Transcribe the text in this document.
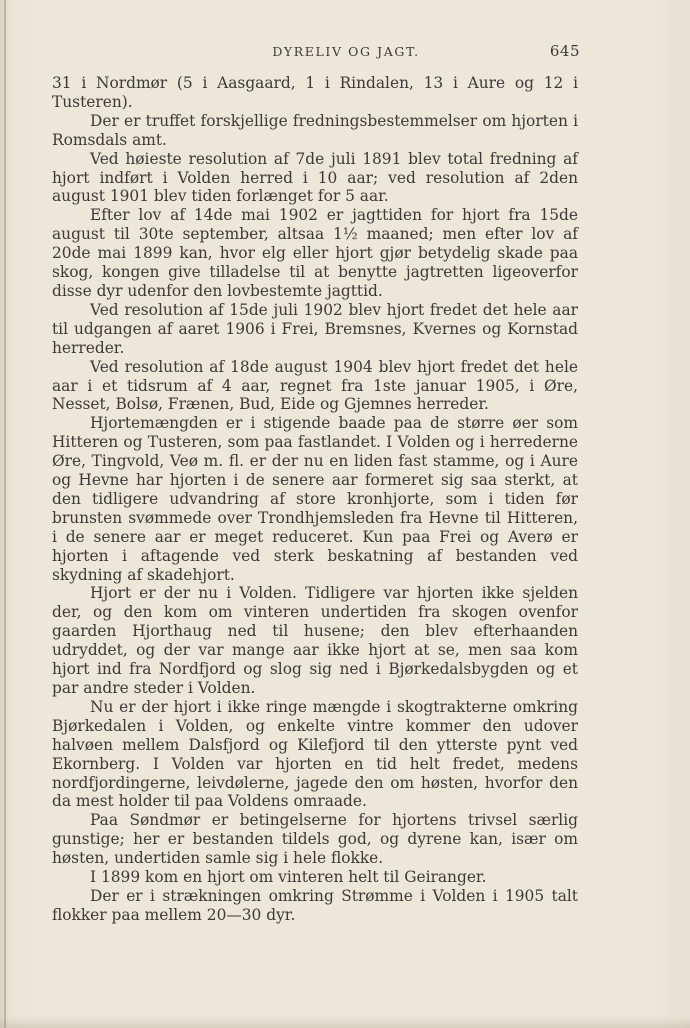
DYRELIV OG JAGT.	645

31 i Nordmør (5 i Aasgaard, 1 i Rindalen, 13 i Aure og 12 i Tusteren).

Der er truffet forskjellige fredningsbestemmelser om hjorten i Romsdals amt.

Ved høieste resolution af 7de juli 1891 blev total fredning af hjort indført i Volden herred i 10 aar; ved resolution af 2den august 1901 blev tiden forlænget for 5 aar.

Efter lov af 14de mai 1902 er jagttiden for hjort fra 15de august til 30te september, altsaa 1½ maaned; men efter lov af 20de mai 1899 kan, hvor elg eller hjort gjør betydelig skade paa skog, kongen give tilladelse til at benytte jagtretten ligeoverfor disse dyr udenfor den lovbestemte jagttid.

Ved resolution af 15de juli 1902 blev hjort fredet det hele aar til udgangen af aaret 1906 i Frei, Bremsnes, Kvernes og Kornstad herreder.

Ved resolution af 18de august 1904 blev hjort fredet det hele aar i et tidsrum af 4 aar, regnet fra 1ste januar 1905, i Øre, Nesset, Bolsø, Frænen, Bud, Eide og Gjemnes herreder.

Hjortemængden er i stigende baade paa de større øer som Hitteren og Tusteren, som paa fastlandet. I Volden og i herrederne Øre, Tingvold, Veø m. fl. er der nu en liden fast stamme, og i Aure og Hevne har hjorten i de senere aar formeret sig saa sterkt, at den tidligere udvandring af store kronhjorte, som i tiden før brunsten svømmede over Trondhjemsleden fra Hevne til Hitteren, i de senere aar er meget reduceret. Kun paa Frei og Averø er hjorten i aftagende ved sterk beskatning af bestanden ved skydning af skadehjort.

Hjort er der nu i Volden. Tidligere var hjorten ikke sjelden der, og den kom om vinteren undertiden fra skogen ovenfor gaarden Hjorthaug ned til husene; den blev efterhaanden udryddet, og der var mange aar ikke hjort at se, men saa kom hjort ind fra Nordfjord og slog sig ned i Bjørkedalsbygden og et par andre steder i Volden.

Nu er der hjort i ikke ringe mængde i skogtrakterne omkring Bjørkedalen i Volden, og enkelte vintre kommer den udover halvøen mellem Dalsfjord og Kilefjord til den ytterste pynt ved Ekornberg. I Volden var hjorten en tid helt fredet, medens nordfjordingerne, leivdølerne, jagede den om høsten, hvorfor den da mest holder til paa Voldens omraade.

Paa Søndmør er betingelserne for hjortens trivsel særlig gunstige; her er bestanden tildels god, og dyrene kan, især om høsten, undertiden samle sig i hele flokke.

I 1899 kom en hjort om vinteren helt til Geiranger.

Der er i strækningen omkring Strømme i Volden i 1905 talt flokker paa mellem 20—30 dyr.
